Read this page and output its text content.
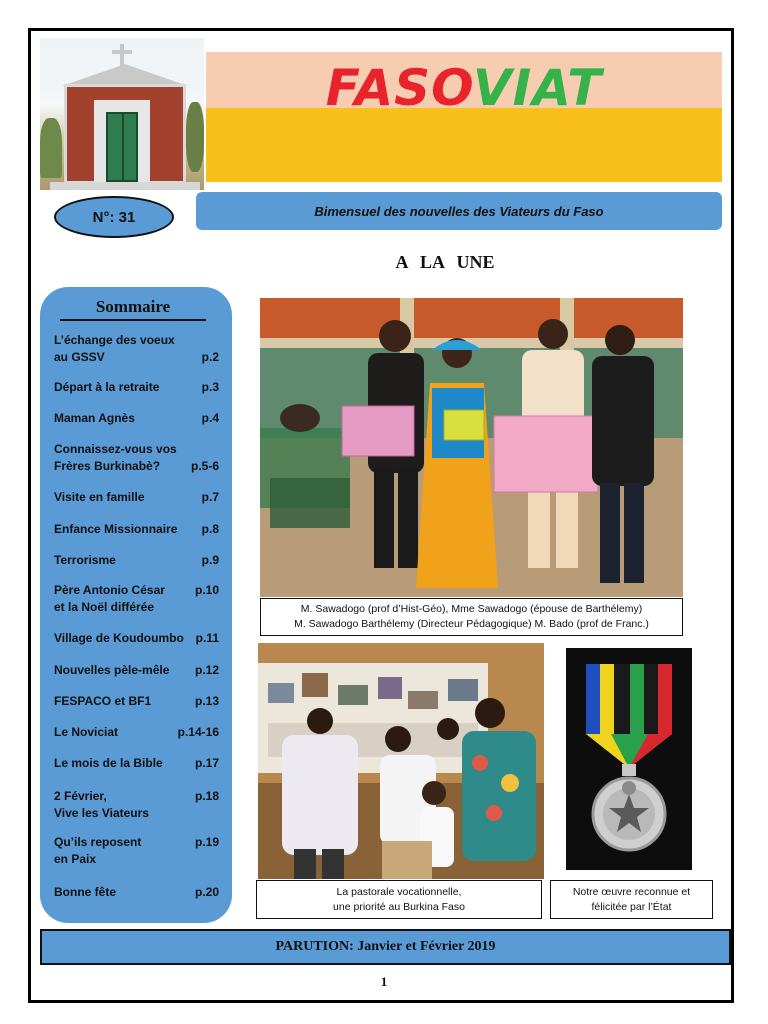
FASOVIAT
Bimensuel des nouvelles des Viateurs du Faso
N°: 31
A LA UNE
Sommaire
L’échange des voeux
au GSSV	p.2
Départ à la retraite	p.3
Maman Agnès	p.4
Connaissez-vous vos
Frères Burkinabè?	p.5-6
Visite en famille	p.7
Enfance Missionnaire	p.8
Terrorisme	p.9
Père Antonio César
et la Noël différée
p.10
Village de Koudoumbo p.11
Nouvelles pèle-mêle	p.12
FESPACO et BF1	p.13
Le Noviciat	p.14-16
Le mois de la Bible	p.17
2 Février,
Vive les Viateurs
p.18
Qu’ils reposent
en Paix
p.19
Bonne fête	p.20
M. Sawadogo (prof d’Hist-Géo), Mme Sawadogo (épouse de Barthélemy)
M. Sawadogo Barthélemy (Directeur Pédagogique) M. Bado (prof de Franc.)
La pastorale vocationnelle,
une priorité au Burkina Faso
Notre œuvre reconnue et
félicitée par l’État
PARUTION: Janvier et Février 2019
1
